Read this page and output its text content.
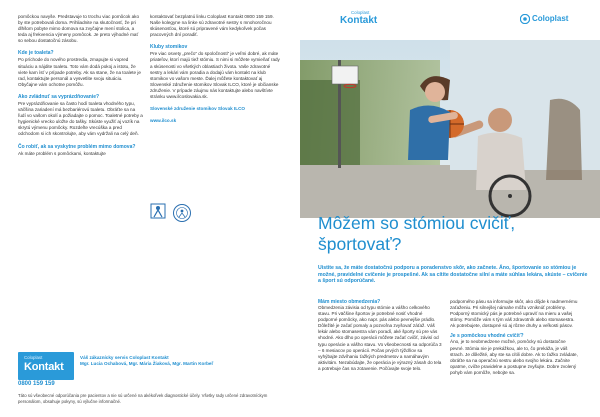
pomôckou navyše. Predstavuje to trochu viac pomôcok ako by ste potrebovali doma. Prihliadnite na skutočnosť, že pri dlhšom pobyte mimo domova sa zvyčajne mení stolica, a teda aj frekvencia výmeny pomôcok. Je preto výhodné mať so sebou dostatočnú zásobu.

Kde je toaleta?

Po príchode do nového prostredia, zmapujte si vopred situáciu a nájdite toaletu. Toto vám dodá pokoj a istotu, že viete kam ísť v prípade potreby. Ak sa stane, že na toalete je rad, kontaktujte personál a vysvetlite svoju situáciu. Obyčajne vám ochotne pomôžu.

Ako zvládnuť sa vyprázdňovanie?

Pre vyprázdňovanie sa často hodí toaleta vhodného typu, väčšina zariadení má bezbariérovú toaletu. Obráťte sa na ľudí vo vašom okolí a požiadajte o pomoc. Toaletné potreby a hygienické vrecko uložte do tašky. Skúste využiť aj vozík na skrytú výmenu pomôcky. Rozdeľte vrecúška a pred odchodom si ich skontrolujte, aby vám vydržali na celý deň.

Čo robiť, ak sa vyskytne problém mimo domova?

Ak máte problém s pomôckami, kontaktujte

kontaktovať bezplatnú linku Coloplast Kontakt 0800 159 159. Naše kolegyne na linke sú zdravotné sestry s mnohoročnou skúsenosťou, ktoré sú pripravené vám kedykoľvek počas pracovných dní poradiť.

Kluby stomikov

Pre viac osvety „prečo“ do spoločnosti“ je veľmi dobré, ak máte priateľov, ktorí majú tiež stómiu. S nimi si môžete vymieňať rady a skúsenosti vo všetkých oblastiach života. Vaše zdravotné sestry a lekári vám poradia a dodajú vám kontakt na klub stomikov vo vašom meste. Ďalej môžete kontaktovať aj Slovenské združenie stomikov Slovak ILCO, ktoré je občianske združenie. V prípade záujmu nás kontaktujte alebo navštívte stránku www.ilcoslovakia.sk.

Slovenské združenie stomikov Slovak ILCO

www.ilco.sk

Coloplast
Kontakt
0800 159 159
Váš zákaznícky servis Coloplast Kontakt
Mgr. Lucia Ochabová, Mgr. Mária Žiaková, Mgr. Martin Korbeľ
Táto sú všeobecné odporúčania pre pacientov a nie sú určené na akékoľvek diagnostické účely. Všetky rady určené zdravotníckym personálom, obsahuje pokyny, sú výlučne informačné.
Coloplast
Kontakt	Coloplast
Môžem so stómiou cvičiť,
športovať?
Uistite sa, že máte dostatočnú podporu a poradenstvo skôr, ako začnete. Áno, športovanie so stómiou je možné, pravidelné cvičenie je prospešné. Ak sa cítite dostatočne silní a máte súhlas lekára, skúste – cvičenie a šport sú odporúčané.
Mám miesto obmedzenia?

Obmedzenia závisia od typu stómie a vášho celkového stavu. Pri väčšine športov je potrebné nosiť vhodné podporné pomôcky, ako napr. pás alebo pevnejšie prádlo. Dôležité je začať pomaly a pozvoľna zvyšovať záťaž. Váš lekár alebo stomasestra vám poradí, aké športy sú pre vás vhodné. Ako dlho po operácii môžete začať cvičiť, závisí od typu operácie a vášho stavu. Vo všeobecnosti sa odporúča 3 – 6 mesiacov po operácii. Počas prvých týždňov sa vyhýbajte zdvíhaniu ťažkých predmetov a namáhavým aktivitám. Nezabúdajte, že operácia je výrazný zásah do tela a potrebuje čas na zotavenie. Počúvajte svoje telo.

podporného pásu sa informujte skôr, ako dôjde k nadmernému zaťaženiu. Pri silnejšej námahe môžu vzniknúť problémy. Podporný stomický pás je potrebné upraviť na mieru a vašej stómy. Pomôže vám s tým váš zdravotník alebo stomasestra. Ak potrebujete, dostupné sú aj rôzne druhy a veľkosti pásov.

Je s pomôckou vhodné cvičiť?

Áno, je to neobmedzene možné, pomôcky sú dostatočne pevné. Stómia nie je prekážkou, ale to, čo prekáža, je váš strach. Je dôležité, aby ste sa cítili dobre. Ak to ťažko zvládate, obráťte sa na operačnú sestru alebo svojho lekára. Začnite opatrne, cvičte pravidelne a postupne zvyšujte. Dobre zvolený pohyb vám pomôže, nebojte sa.
